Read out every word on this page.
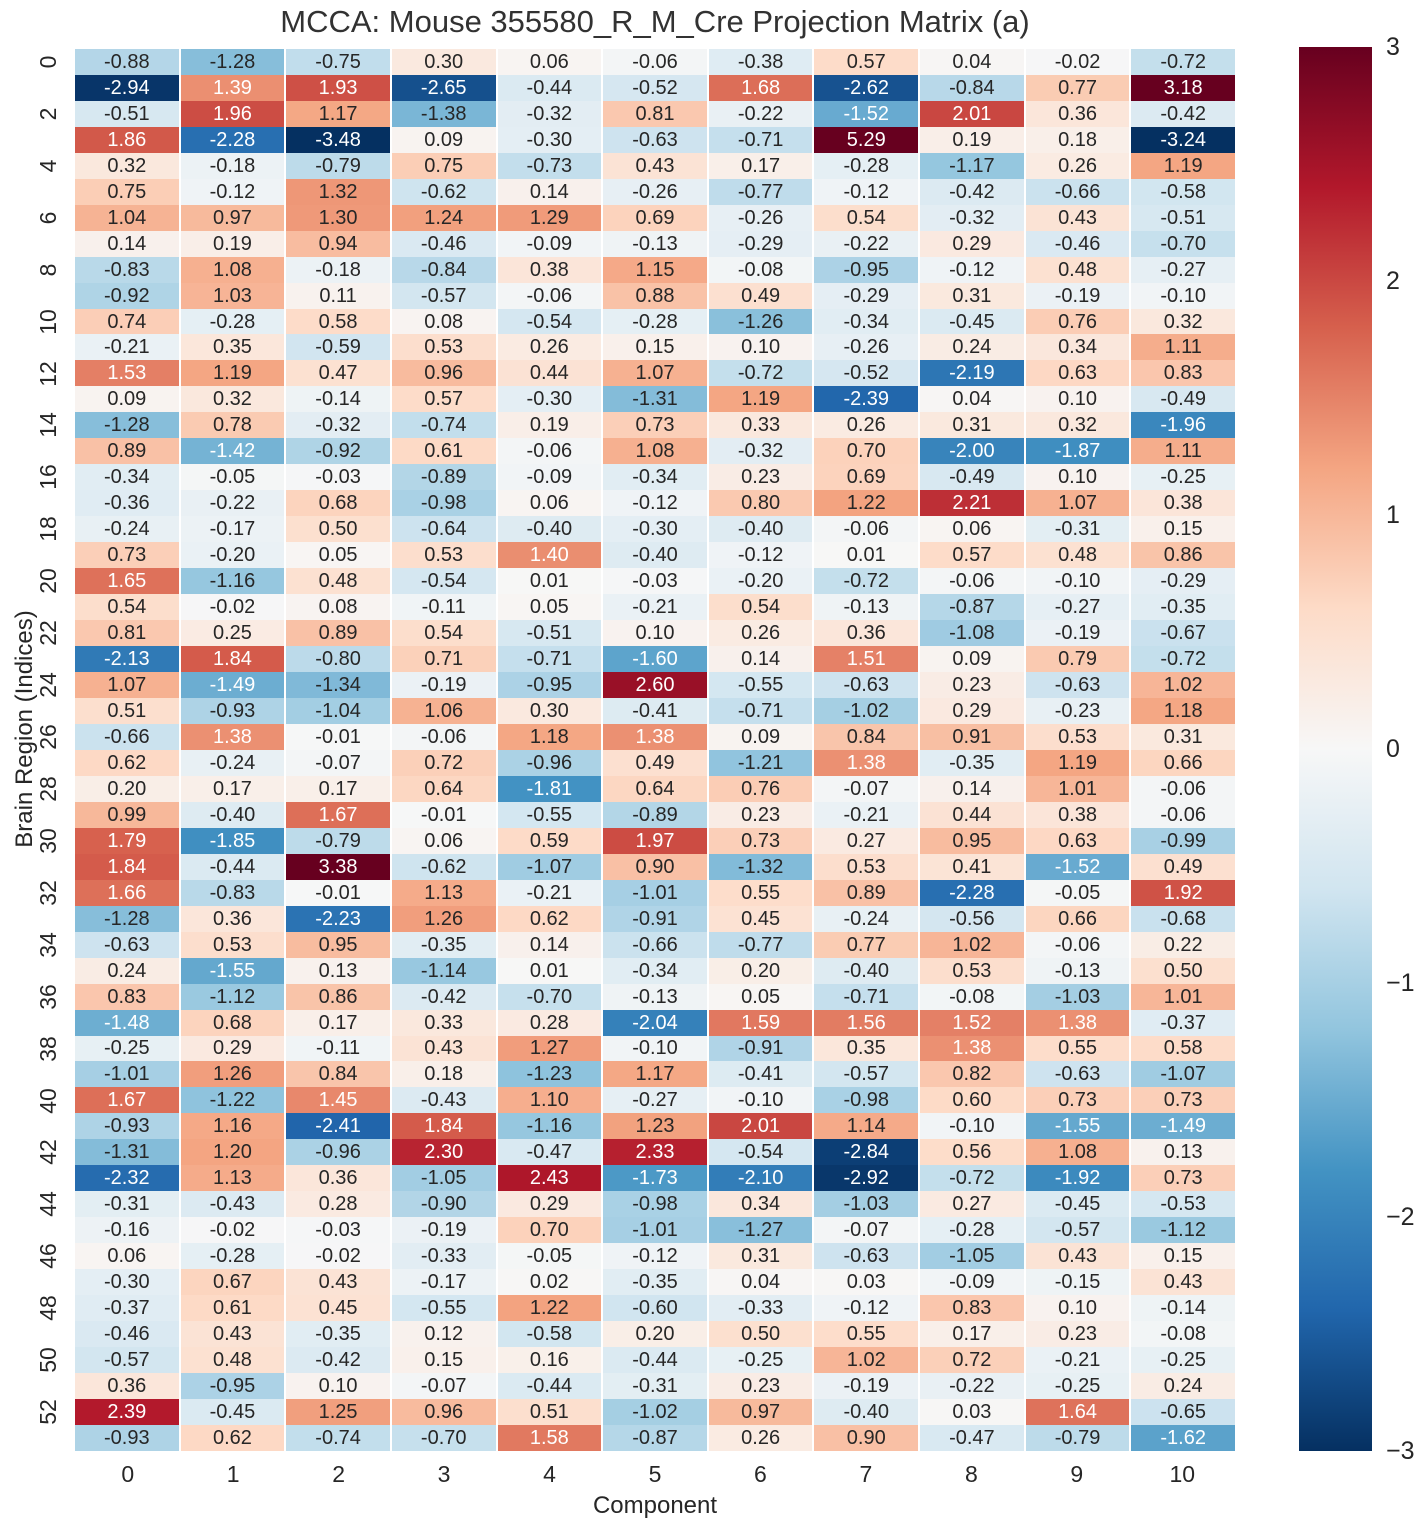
MCCA: Mouse 355580_R_M_Cre Projection Matrix (a)
Brain Region (Indices)
0
2
4
6
8
10
12
14
16
18
20
22
24
26
28
30
32
34
36
38
40
42
44
46
48
50
52
-0.88	-1.28	-0.75	0.30	0.06	-0.06	-0.38	0.57	0.04	-0.02	-0.72
-2.94	1.39	1.93	-2.65	-0.44	-0.52	1.68	-2.62	-0.84	0.77	3.18
-0.51	1.96	1.17	-1.38	-0.32	0.81	-0.22	-1.52	2.01	0.36	-0.42
1.86	-2.28	-3.48	0.09	-0.30	-0.63	-0.71	5.29	0.19	0.18	-3.24
0.32	-0.18	-0.79	0.75	-0.73	0.43	0.17	-0.28	-1.17	0.26	1.19
0.75	-0.12	1.32	-0.62	0.14	-0.26	-0.77	-0.12	-0.42	-0.66	-0.58
1.04	0.97	1.30	1.24	1.29	0.69	-0.26	0.54	-0.32	0.43	-0.51
0.14	0.19	0.94	-0.46	-0.09	-0.13	-0.29	-0.22	0.29	-0.46	-0.70
-0.83	1.08	-0.18	-0.84	0.38	1.15	-0.08	-0.95	-0.12	0.48	-0.27
-0.92	1.03	0.11	-0.57	-0.06	0.88	0.49	-0.29	0.31	-0.19	-0.10
0.74	-0.28	0.58	0.08	-0.54	-0.28	-1.26	-0.34	-0.45	0.76	0.32
-0.21	0.35	-0.59	0.53	0.26	0.15	0.10	-0.26	0.24	0.34	1.11
1.53	1.19	0.47	0.96	0.44	1.07	-0.72	-0.52	-2.19	0.63	0.83
0.09	0.32	-0.14	0.57	-0.30	-1.31	1.19	-2.39	0.04	0.10	-0.49
-1.28	0.78	-0.32	-0.74	0.19	0.73	0.33	0.26	0.31	0.32	-1.96
0.89	-1.42	-0.92	0.61	-0.06	1.08	-0.32	0.70	-2.00	-1.87	1.11
-0.34	-0.05	-0.03	-0.89	-0.09	-0.34	0.23	0.69	-0.49	0.10	-0.25
-0.36	-0.22	0.68	-0.98	0.06	-0.12	0.80	1.22	2.21	1.07	0.38
-0.24	-0.17	0.50	-0.64	-0.40	-0.30	-0.40	-0.06	0.06	-0.31	0.15
0.73	-0.20	0.05	0.53	1.40	-0.40	-0.12	0.01	0.57	0.48	0.86
1.65	-1.16	0.48	-0.54	0.01	-0.03	-0.20	-0.72	-0.06	-0.10	-0.29
0.54	-0.02	0.08	-0.11	0.05	-0.21	0.54	-0.13	-0.87	-0.27	-0.35
0.81	0.25	0.89	0.54	-0.51	0.10	0.26	0.36	-1.08	-0.19	-0.67
-2.13	1.84	-0.80	0.71	-0.71	-1.60	0.14	1.51	0.09	0.79	-0.72
1.07	-1.49	-1.34	-0.19	-0.95	2.60	-0.55	-0.63	0.23	-0.63	1.02
0.51	-0.93	-1.04	1.06	0.30	-0.41	-0.71	-1.02	0.29	-0.23	1.18
-0.66	1.38	-0.01	-0.06	1.18	1.38	0.09	0.84	0.91	0.53	0.31
0.62	-0.24	-0.07	0.72	-0.96	0.49	-1.21	1.38	-0.35	1.19	0.66
0.20	0.17	0.17	0.64	-1.81	0.64	0.76	-0.07	0.14	1.01	-0.06
0.99	-0.40	1.67	-0.01	-0.55	-0.89	0.23	-0.21	0.44	0.38	-0.06
1.79	-1.85	-0.79	0.06	0.59	1.97	0.73	0.27	0.95	0.63	-0.99
1.84	-0.44	3.38	-0.62	-1.07	0.90	-1.32	0.53	0.41	-1.52	0.49
1.66	-0.83	-0.01	1.13	-0.21	-1.01	0.55	0.89	-2.28	-0.05	1.92
-1.28	0.36	-2.23	1.26	0.62	-0.91	0.45	-0.24	-0.56	0.66	-0.68
-0.63	0.53	0.95	-0.35	0.14	-0.66	-0.77	0.77	1.02	-0.06	0.22
0.24	-1.55	0.13	-1.14	0.01	-0.34	0.20	-0.40	0.53	-0.13	0.50
0.83	-1.12	0.86	-0.42	-0.70	-0.13	0.05	-0.71	-0.08	-1.03	1.01
-1.48	0.68	0.17	0.33	0.28	-2.04	1.59	1.56	1.52	1.38	-0.37
-0.25	0.29	-0.11	0.43	1.27	-0.10	-0.91	0.35	1.38	0.55	0.58
-1.01	1.26	0.84	0.18	-1.23	1.17	-0.41	-0.57	0.82	-0.63	-1.07
1.67	-1.22	1.45	-0.43	1.10	-0.27	-0.10	-0.98	0.60	0.73	0.73
-0.93	1.16	-2.41	1.84	-1.16	1.23	2.01	1.14	-0.10	-1.55	-1.49
-1.31	1.20	-0.96	2.30	-0.47	2.33	-0.54	-2.84	0.56	1.08	0.13
-2.32	1.13	0.36	-1.05	2.43	-1.73	-2.10	-2.92	-0.72	-1.92	0.73
-0.31	-0.43	0.28	-0.90	0.29	-0.98	0.34	-1.03	0.27	-0.45	-0.53
-0.16	-0.02	-0.03	-0.19	0.70	-1.01	-1.27	-0.07	-0.28	-0.57	-1.12
0.06	-0.28	-0.02	-0.33	-0.05	-0.12	0.31	-0.63	-1.05	0.43	0.15
-0.30	0.67	0.43	-0.17	0.02	-0.35	0.04	0.03	-0.09	-0.15	0.43
-0.37	0.61	0.45	-0.55	1.22	-0.60	-0.33	-0.12	0.83	0.10	-0.14
-0.46	0.43	-0.35	0.12	-0.58	0.20	0.50	0.55	0.17	0.23	-0.08
-0.57	0.48	-0.42	0.15	0.16	-0.44	-0.25	1.02	0.72	-0.21	-0.25
0.36	-0.95	0.10	-0.07	-0.44	-0.31	0.23	-0.19	-0.22	-0.25	0.24
2.39	-0.45	1.25	0.96	0.51	-1.02	0.97	-0.40	0.03	1.64	-0.65
-0.93	0.62	-0.74	-0.70	1.58	-0.87	0.26	0.90	-0.47	-0.79	-1.62
0	1	2	3	4	5	6	7	8	9	10
Component
3
2
1
0
−1
−2
−3
